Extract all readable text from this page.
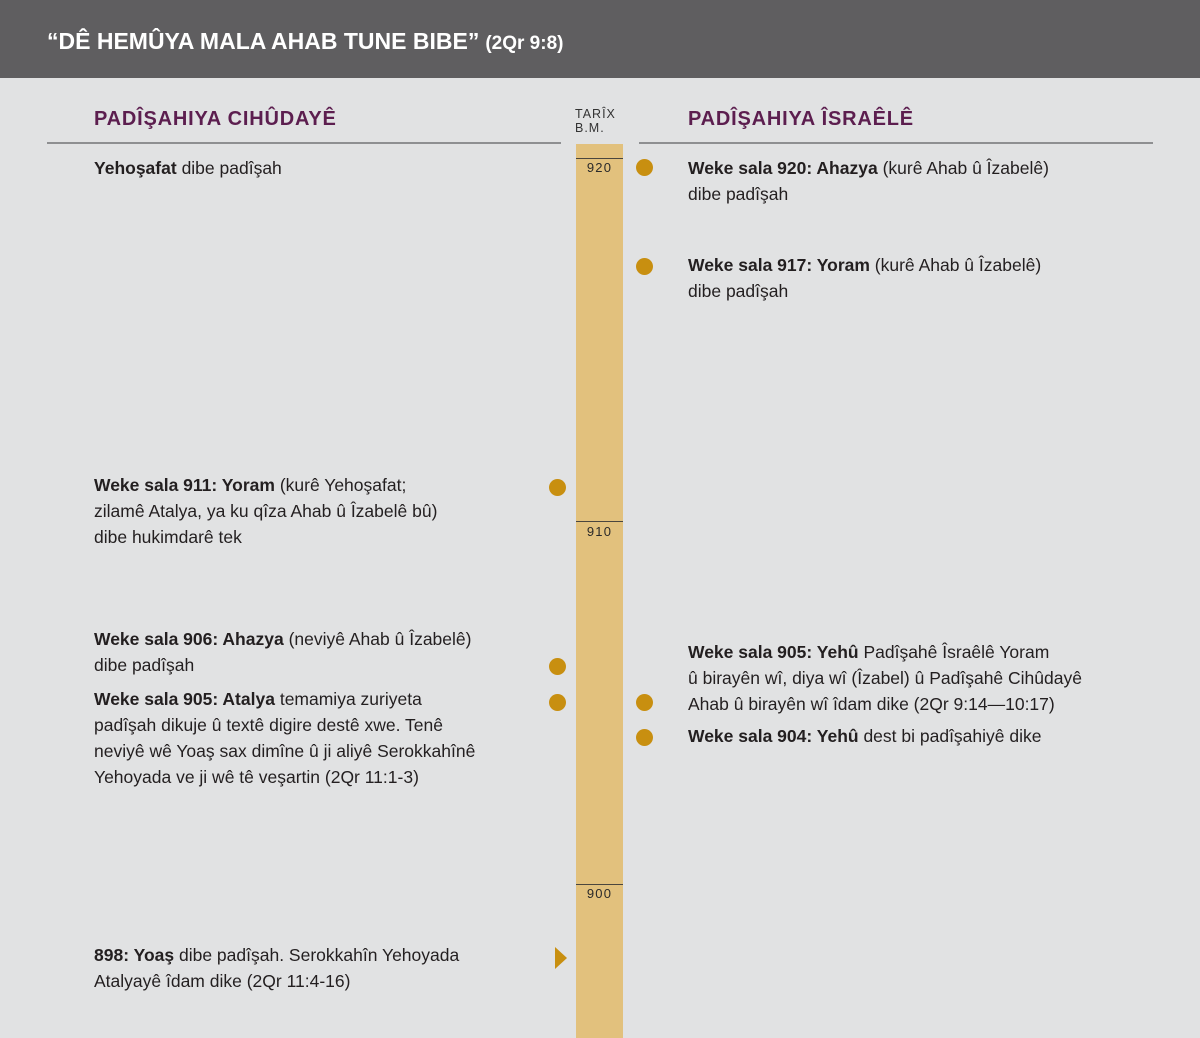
“DÊ HEMÛYA MALA AHAB TUNE BIBE” (2Qr 9:8)
PADÎŞAHIYA CIHÛDAYÊ	PADÎŞAHIYA ÎSRAÊLÊ
TARÎX
B.M.
920
910
900
Yehoşafat dibe padîşah
Weke sala 911: Yoram (kurê Yehoşafat;
zilamê Atalya, ya ku qîza Ahab û Îzabelê bû)
dibe hukimdarê tek
Weke sala 906: Ahazya (neviyê Ahab û Îzabelê)
dibe padîşah
Weke sala 905: Atalya temamiya zuriyeta
padîşah dikuje û textê digire destê xwe. Tenê
neviyê wê Yoaş sax dimîne û ji aliyê Serokkahînê
Yehoyada ve ji wê tê veşartin (2Qr 11:1-3)
898: Yoaş dibe padîşah. Serokkahîn Yehoyada
Atalyayê îdam dike (2Qr 11:4-16)
Weke sala 920: Ahazya (kurê Ahab û Îzabelê)
dibe padîşah
Weke sala 917: Yoram (kurê Ahab û Îzabelê)
dibe padîşah
Weke sala 905: Yehû Padîşahê Îsraêlê Yoram
û birayên wî, diya wî (Îzabel) û Padîşahê Cihûdayê
Ahab û birayên wî îdam dike (2Qr 9:14—10:17)
Weke sala 904: Yehû dest bi padîşahiyê dike
